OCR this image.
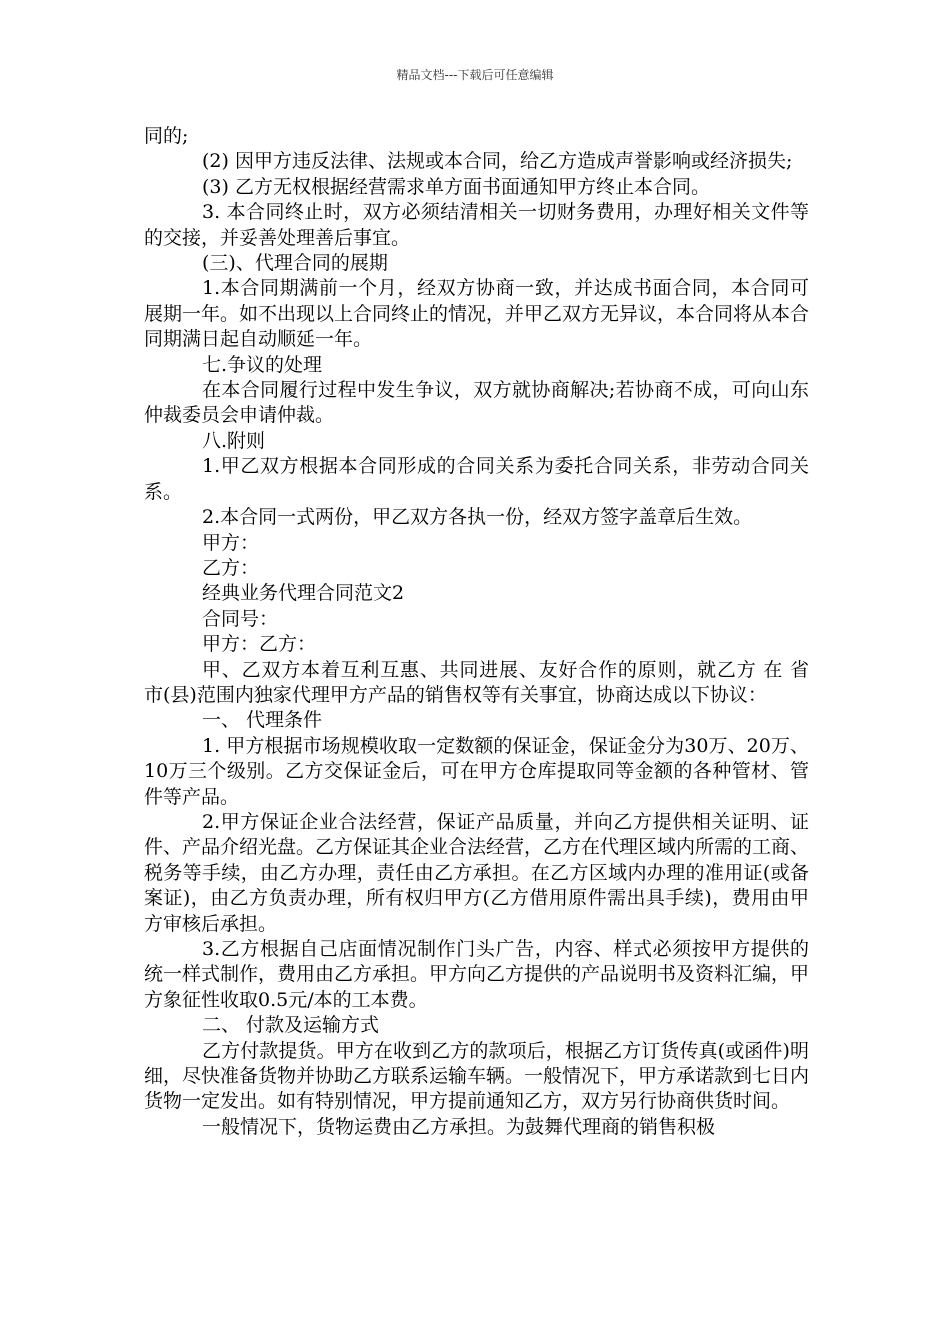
精品文档---下载后可任意编辑

同的;

(2) 因甲方违反法律、法规或本合同，给乙方造成声誉影响或经济损失;

(3) 乙方无权根据经营需求单方面书面通知甲方终止本合同。

3. 本合同终止时，双方必须结清相关一切财务费用，办理好相关文件等的交接，并妥善处理善后事宜。

(三)、代理合同的展期

1.本合同期满前一个月，经双方协商一致，并达成书面合同，本合同可展期一年。如不出现以上合同终止的情况，并甲乙双方无异议，本合同将从本合同期满日起自动顺延一年。

七.争议的处理

在本合同履行过程中发生争议，双方就协商解决;若协商不成，可向山东仲裁委员会申请仲裁。

八.附则

1.甲乙双方根据本合同形成的合同关系为委托合同关系，非劳动合同关系。

2.本合同一式两份，甲乙双方各执一份，经双方签字盖章后生效。

甲方：

乙方：

经典业务代理合同范文2

合同号：

甲方：乙方：

甲、乙双方本着互利互惠、共同进展、友好合作的原则，就乙方 在 省 市(县)范围内独家代理甲方产品的销售权等有关事宜，协商达成以下协议：

一、 代理条件

1. 甲方根据市场规模收取一定数额的保证金，保证金分为30万、20万、10万三个级别。乙方交保证金后，可在甲方仓库提取同等金额的各种管材、管件等产品。

2.甲方保证企业合法经营，保证产品质量，并向乙方提供相关证明、证件、产品介绍光盘。乙方保证其企业合法经营，乙方在代理区域内所需的工商、税务等手续，由乙方办理，责任由乙方承担。在乙方区域内办理的准用证(或备案证)，由乙方负责办理，所有权归甲方(乙方借用原件需出具手续)，费用由甲方审核后承担。

3.乙方根据自己店面情况制作门头广告，内容、样式必须按甲方提供的统一样式制作，费用由乙方承担。甲方向乙方提供的产品说明书及资料汇编，甲方象征性收取0.5元/本的工本费。

二、 付款及运输方式

乙方付款提货。甲方在收到乙方的款项后，根据乙方订货传真(或函件)明细，尽快准备货物并协助乙方联系运输车辆。一般情况下，甲方承诺款到七日内货物一定发出。如有特别情况，甲方提前通知乙方，双方另行协商供货时间。

一般情况下，货物运费由乙方承担。为鼓舞代理商的销售积极
